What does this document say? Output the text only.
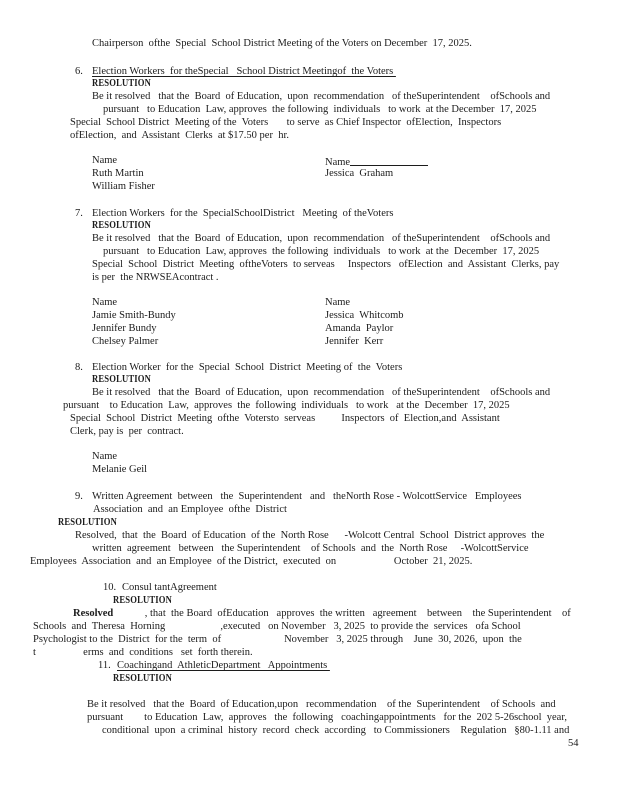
Chairperson  ofthe  Special  School District Meeting of the Voters on December  17, 2025.
6. Election Workers  for theSpecial   School District Meetingof  the Voters
RESOLUTION
Be it resolved   that the  Board  of Education,  upon  recommendation   of theSuperintendent    ofSchools and
pursuant   to Education  Law, approves  the following  individuals   to work  at the December  17, 2025
Special  School District  Meeting of the  Voters       to serve  as Chief Inspector  ofElection,  Inspectors
ofElection,  and  Assistant  Clerks  at $17.50 per  hr.
Name	Name
Ruth Martin	Jessica  Graham
William Fisher
7. Election Workers  for the  SpecialSchoolDistrict   Meeting  of theVoters
RESOLUTION
Be it resolved   that the  Board  of Education,  upon  recommendation   of theSuperintendent    ofSchools and
pursuant   to Education  Law, approves  the following  individuals   to work  at the  December  17, 2025
Special  School  District  Meeting  oftheVoters  to serveas     Inspectors   ofElection  and  Assistant  Clerks, pay
is per  the NRWSEAcontract .
Name	Name
Jamie Smith-Bundy	Jessica  Whitcomb
Jennifer Bundy	Amanda  Paylor
Chelsey Palmer	Jennifer  Kerr
8. Election Worker  for the  Special  School  District  Meeting of  the  Voters
RESOLUTION
Be it resolved   that the  Board  of Education,  upon  recommendation   of theSuperintendent    ofSchools and
pursuant    to Education  Law,  approves  the  following  individuals   to work   at the  December  17, 2025
Special  School  District  Meeting  ofthe  Votersto  serveas          Inspectors  of  Election,and  Assistant
Clerk, pay is  per  contract.
Name
Melanie Geil
9. Written Agreement  between   the  Superintendent   and   theNorth Rose - WolcottService   Employees
Association  and  an Employee  ofthe  District
RESOLUTION
Resolved,  that  the  Board  of Education  of the  North Rose      -Wolcott Central  School  District approves  the
written  agreement   between   the Superintendent    of Schools  and  the  North Rose     -WolcottService
Employees  Association  and  an Employee  of the District,  executed  on                      October  21, 2025.
10. Consul tantAgreement
RESOLUTION
Resolved            , that  the Board  ofEducation   approves  the written   agreement    between    the Superintendent    of
Schools  and  Theresa  Horning                     ,executed   on November   3, 2025  to provide the  services   ofa School
Psychologist to the  District  for the  term  of                        November   3, 2025 through    June  30, 2026,  upon  the
t                  erms  and  conditions   set  forth therein.
11. Coachingand  AthleticDepartment   Appointments
RESOLUTION
Be it resolved   that the  Board  of Education,upon   recommendation    of the  Superintendent    of Schools  and
pursuant        to Education  Law,  approves   the  following   coachingappointments   for the  202 5-26school  year,
conditional  upon  a criminal  history  record  check  according   to Commissioners    Regulation   §80-1.11 and
54
